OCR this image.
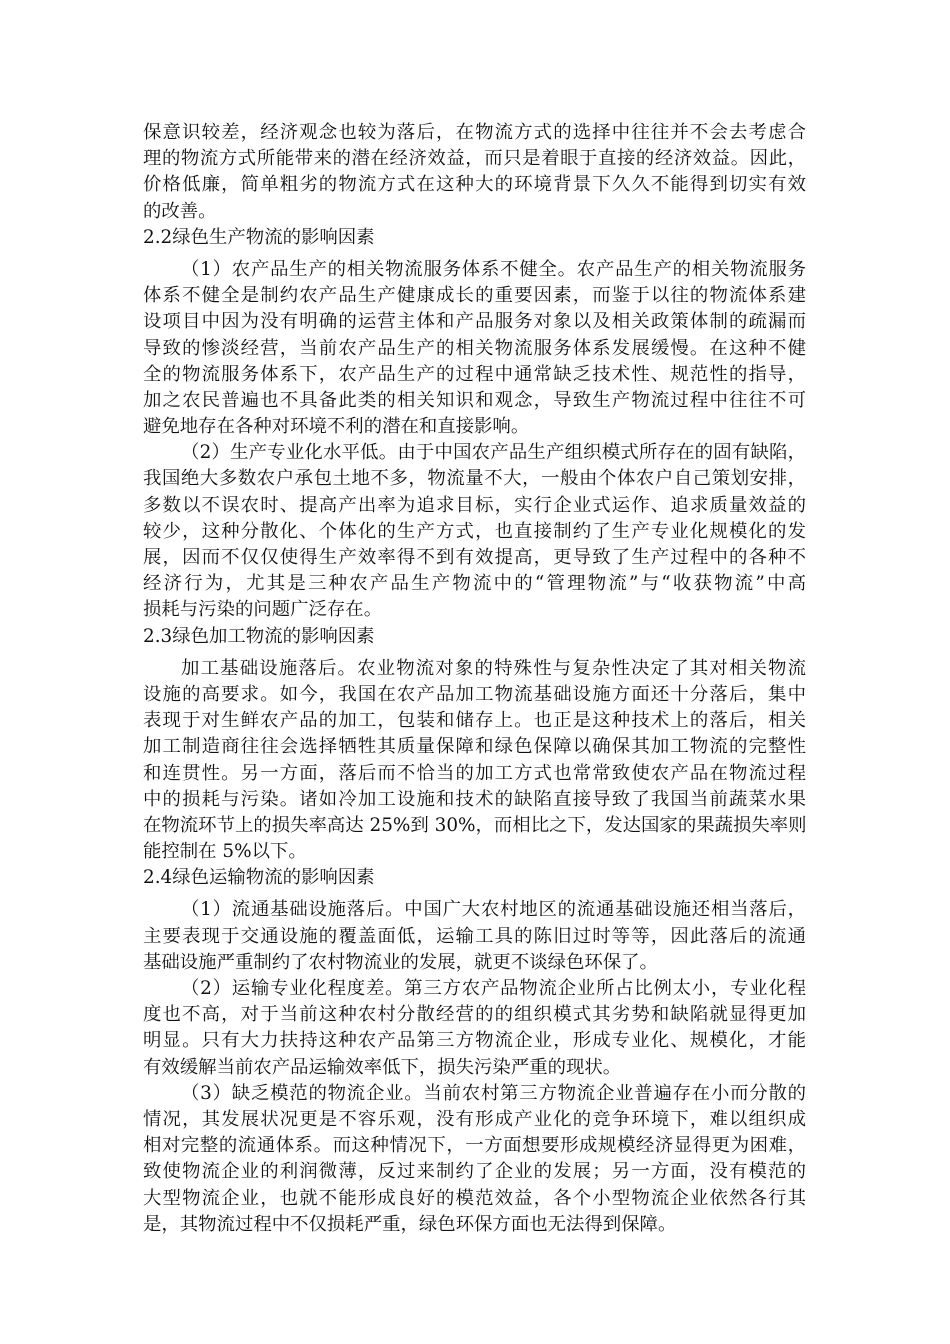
保意识较差，经济观念也较为落后，在物流方式的选择中往往并不会去考虑合
理的物流方式所能带来的潜在经济效益，而只是着眼于直接的经济效益。因此，
价格低廉，简单粗劣的物流方式在这种大的环境背景下久久不能得到切实有效
的改善。
2.2绿色生产物流的影响因素
（1）农产品生产的相关物流服务体系不健全。农产品生产的相关物流服务
体系不健全是制约农产品生产健康成长的重要因素，而鉴于以往的物流体系建
设项目中因为没有明确的运营主体和产品服务对象以及相关政策体制的疏漏而
导致的惨淡经营，当前农产品生产的相关物流服务体系发展缓慢。在这种不健
全的物流服务体系下，农产品生产的过程中通常缺乏技术性、规范性的指导，
加之农民普遍也不具备此类的相关知识和观念，导致生产物流过程中往往不可
避免地存在各种对环境不利的潜在和直接影响。
（2）生产专业化水平低。由于中国农产品生产组织模式所存在的固有缺陷，
我国绝大多数农户承包土地不多，物流量不大，一般由个体农户自己策划安排，
多数以不误农时、提高产出率为追求目标，实行企业式运作、追求质量效益的
较少，这种分散化、个体化的生产方式，也直接制约了生产专业化规模化的发
展，因而不仅仅使得生产效率得不到有效提高，更导致了生产过程中的各种不
经济行为，尤其是三种农产品生产物流中的“管理物流”与“收获物流”中高
损耗与污染的问题广泛存在。
2.3绿色加工物流的影响因素
加工基础设施落后。农业物流对象的特殊性与复杂性决定了其对相关物流
设施的高要求。如今，我国在农产品加工物流基础设施方面还十分落后，集中
表现于对生鲜农产品的加工，包装和储存上。也正是这种技术上的落后，相关
加工制造商往往会选择牺牲其质量保障和绿色保障以确保其加工物流的完整性
和连贯性。另一方面，落后而不恰当的加工方式也常常致使农产品在物流过程
中的损耗与污染。诸如冷加工设施和技术的缺陷直接导致了我国当前蔬菜水果
在物流环节上的损失率高达 25%到 30%，而相比之下，发达国家的果蔬损失率则
能控制在 5%以下。
2.4绿色运输物流的影响因素
（1）流通基础设施落后。中国广大农村地区的流通基础设施还相当落后，
主要表现于交通设施的覆盖面低，运输工具的陈旧过时等等，因此落后的流通
基础设施严重制约了农村物流业的发展，就更不谈绿色环保了。
（2）运输专业化程度差。第三方农产品物流企业所占比例太小，专业化程
度也不高，对于当前这种农村分散经营的的组织模式其劣势和缺陷就显得更加
明显。只有大力扶持这种农产品第三方物流企业，形成专业化、规模化，才能
有效缓解当前农产品运输效率低下，损失污染严重的现状。
（3）缺乏模范的物流企业。当前农村第三方物流企业普遍存在小而分散的
情况，其发展状况更是不容乐观，没有形成产业化的竞争环境下，难以组织成
相对完整的流通体系。而这种情况下，一方面想要形成规模经济显得更为困难，
致使物流企业的利润微薄，反过来制约了企业的发展；另一方面，没有模范的
大型物流企业，也就不能形成良好的模范效益，各个小型物流企业依然各行其
是，其物流过程中不仅损耗严重，绿色环保方面也无法得到保障。
